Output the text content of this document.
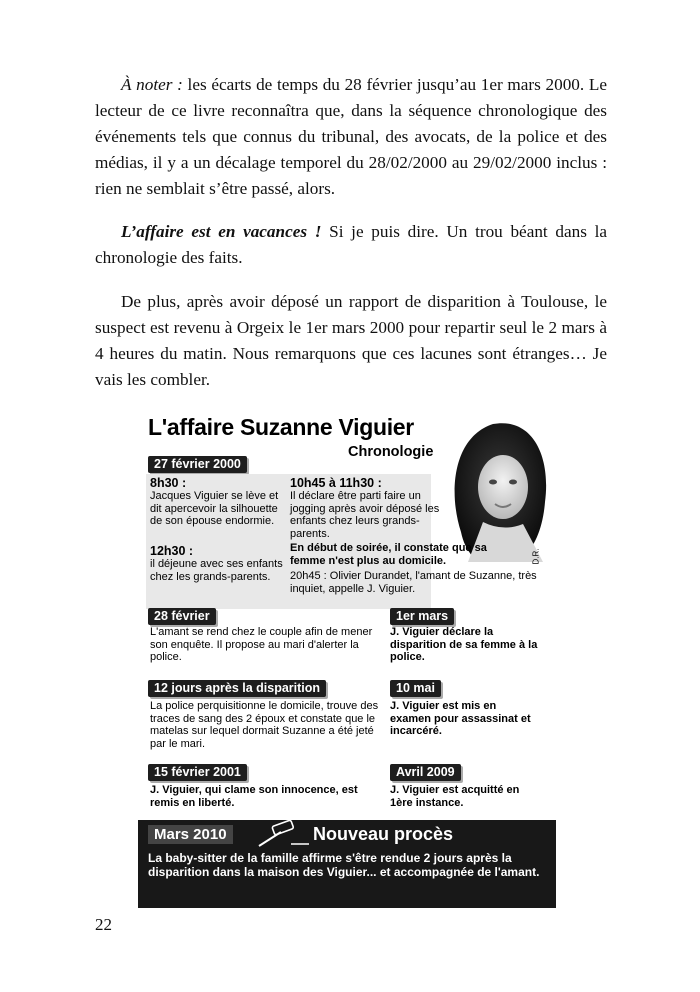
À noter : les écarts de temps du 28 février jusqu’au 1er mars 2000. Le lecteur de ce livre reconnaîtra que, dans la séquence chronologique des événements tels que connus du tribunal, des avocats, de la police et des médias, il y a un décalage temporel du 28/02/2000 au 29/02/2000 inclus : rien ne semblait s’être passé, alors.

L’affaire est en vacances ! Si je puis dire. Un trou béant dans la chronologie des faits.

De plus, après avoir déposé un rapport de disparition à Toulouse, le suspect est revenu à Orgeix le 1er mars 2000 pour repartir seul le 2 mars à 4 heures du matin. Nous remarquons que ces lacunes sont étranges… Je vais les combler.

L'affaire Suzanne Viguier
Chronologie
D.R.
27 février 2000
8h30 :
Jacques Viguier se lève et dit apercevoir la silhouette de son épouse endormie.
12h30 :
il déjeune avec ses enfants chez les grands-parents.
10h45 à 11h30 :
Il déclare être parti faire un jogging après avoir déposé les enfants chez leurs grands-parents.
En début de soirée, il constate que sa femme n'est plus au domicile.
20h45 : Olivier Durandet, l'amant de Suzanne, très inquiet, appelle J. Viguier.
28 février
L'amant se rend chez le couple afin de mener son enquête. Il propose au mari d'alerter la police.
1er mars
J. Viguier déclare la disparition de sa femme à la police.
12 jours après la disparition
La police perquisitionne le domicile, trouve des traces de sang des 2 époux et constate que le matelas sur lequel dormait Suzanne a été jeté par le mari.
10 mai
J. Viguier est mis en examen pour assassinat et incarcéré.
15 février 2001
J. Viguier, qui clame son innocence, est remis en liberté.
Avril 2009
J. Viguier est acquitté en 1ère instance.
Mars 2010	Nouveau procès
La baby-sitter de la famille affirme s'être rendue 2 jours après la disparition dans la maison des Viguier... et accompagnée de l'amant.
22
